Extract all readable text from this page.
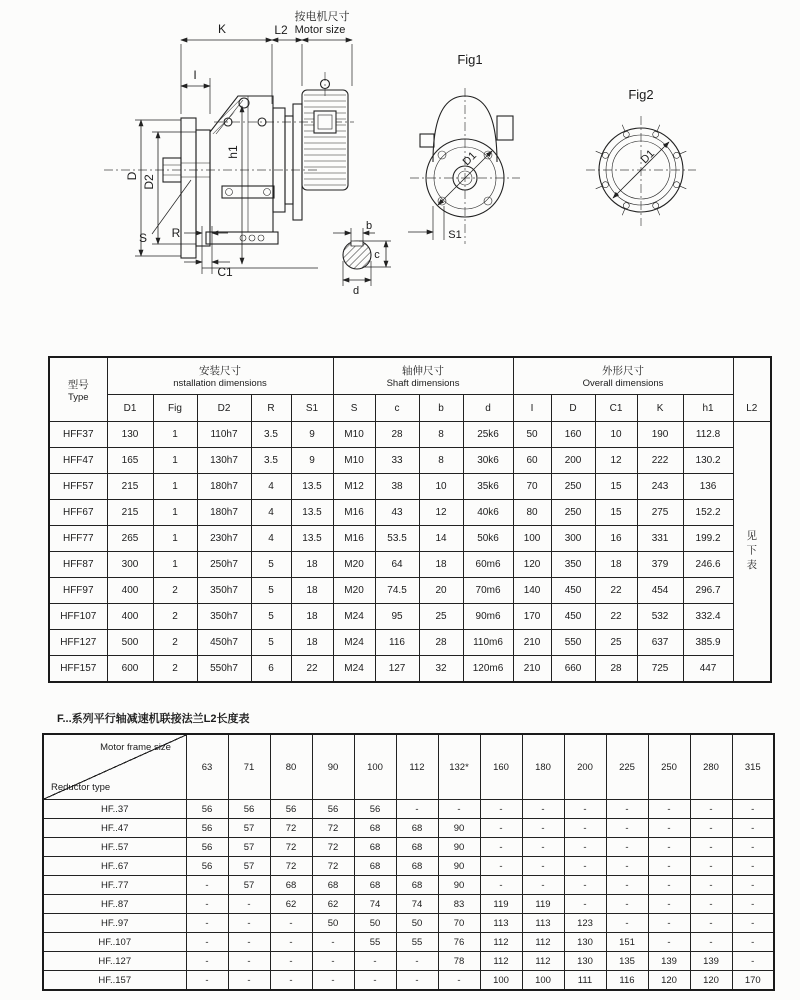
K	L2
按电机尺寸
Motor size
I
D D2
S R
C1
h1
b
c
d
Fig1
D1
S1
Fig2
D1
型号
Type

安装尺寸
nstallation dimensions

轴伸尺寸
Shaft dimensions

外形尺寸
Overall dimensions
	L2
	D1	Fig	D2	R	S1	S	c	b	d	I	D	C1	K	h1	
HFF37	130	1	110h7	3.5	9	M10	28	8	25k6	50	160	10	190	112.8	见下表
HFF47	165	1	130h7	3.5	9	M10	33	8	30k6	60	200	12	222	130.2	
HFF57	215	1	180h7	4	13.5	M12	38	10	35k6	70	250	15	243	136	
HFF67	215	1	180h7	4	13.5	M16	43	12	40k6	80	250	15	275	152.2	
HFF77	265	1	230h7	4	13.5	M16	53.5	14	50k6	100	300	16	331	199.2	
HFF87	300	1	250h7	5	18	M20	64	18	60m6	120	350	18	379	246.6	
HFF97	400	2	350h7	5	18	M20	74.5	20	70m6	140	450	22	454	296.7	
HFF107	400	2	350h7	5	18	M24	95	25	90m6	170	450	22	532	332.4	
HFF127	500	2	450h7	5	18	M24	116	28	110m6	210	550	25	637	385.9	
HFF157	600	2	550h7	6	22	M24	127	32	120m6	210	660	28	725	447	
F...系列平行轴减速机联接法兰L2长度表
Motor frame size
Reductor type	63	71	80	90	100	112	132*	160	180	200	225	250	280	315
HF..37	56	56	56	56	56	-	-	-	-	-	-	-	-	-
HF..47	56	57	72	72	68	68	90	-	-	-	-	-	-	-
HF..57	56	57	72	72	68	68	90	-	-	-	-	-	-	-
HF..67	56	57	72	72	68	68	90	-	-	-	-	-	-	-
HF..77	-	57	68	68	68	68	90	-	-	-	-	-	-	-
HF..87	-	-	62	62	74	74	83	119	119	-	-	-	-	-
HF..97	-	-	-	50	50	50	70	113	113	123	-	-	-	-
HF..107	-	-	-	-	55	55	76	112	112	130	151	-	-	-
HF..127	-	-	-	-	-	-	78	112	112	130	135	139	139	-
HF..157	-	-	-	-	-	-	-	100	100	111	116	120	120	170
